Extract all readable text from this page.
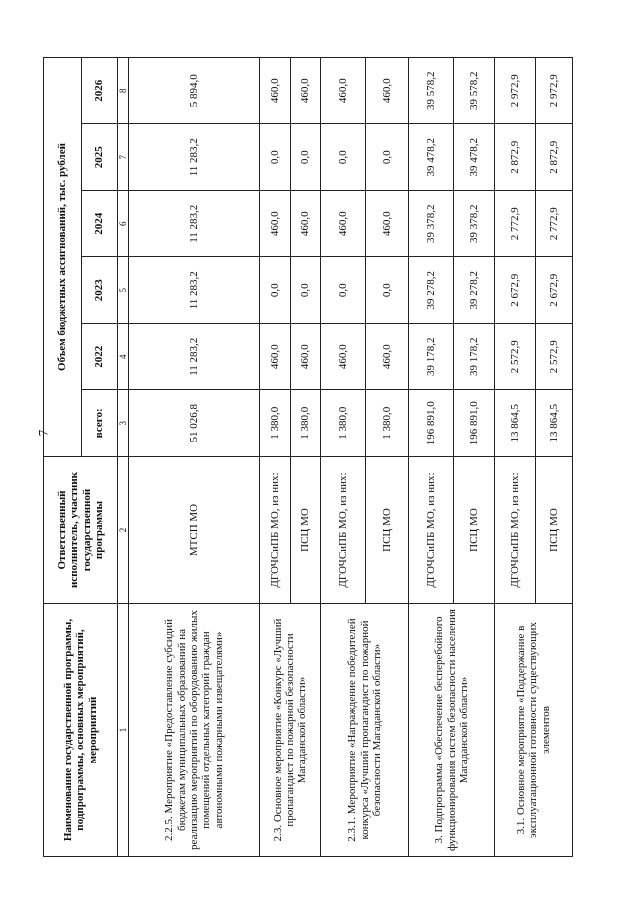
7
Наименование государственной программы, подпрограммы, основных мероприятий, мероприятий	Ответственный исполнитель, участник государственной программы	Объем бюджетных ассигнований, тыс. рублей					
		всего:	2022	2023	2024	2025	2026
1	2	3	4	5	6	7	8
2.2.5. Мероприятие «Предоставление субсидий бюджетам муниципальных образований на реализацию мероприятий по оборудованию жилых помещений отдельных категорий граждан автономными пожарными извещателями»	МТСП МО	51 026,8	11 283,2	11 283,2	11 283,2	11 283,2	5 894,0
2.3. Основное мероприятие «Конкурс «Лучший пропагандист по пожарной безопасности Магаданской области»	ДГОЧСиПБ МО, из них:	1 380,0	460,0	0,0	460,0	0,0	460,0
	ПСЦ МО	1 380,0	460,0	0,0	460,0	0,0	460,0
2.3.1. Мероприятие «Награждение победителей конкурса «Лучший пропагандист по пожарной безопасности Магаданской области»	ДГОЧСиПБ МО, из них:	1 380,0	460,0	0,0	460,0	0,0	460,0
	ПСЦ МО	1 380,0	460,0	0,0	460,0	0,0	460,0
3. Подпрограмма «Обеспечение бесперебойного функционирования систем безопасности населения Магаданской области»	ДГОЧСиПБ МО, из них:	196 891,0	39 178,2	39 278,2	39 378,2	39 478,2	39 578,2
	ПСЦ МО	196 891,0	39 178,2	39 278,2	39 378,2	39 478,2	39 578,2
3.1. Основное мероприятие «Поддержание в эксплуатационной готовности существующих элементов	ДГОЧСиПБ МО, из них:	13 864,5	2 572,9	2 672,9	2 772,9	2 872,9	2 972,9
	ПСЦ МО	13 864,5	2 572,9	2 672,9	2 772,9	2 872,9	2 972,9
